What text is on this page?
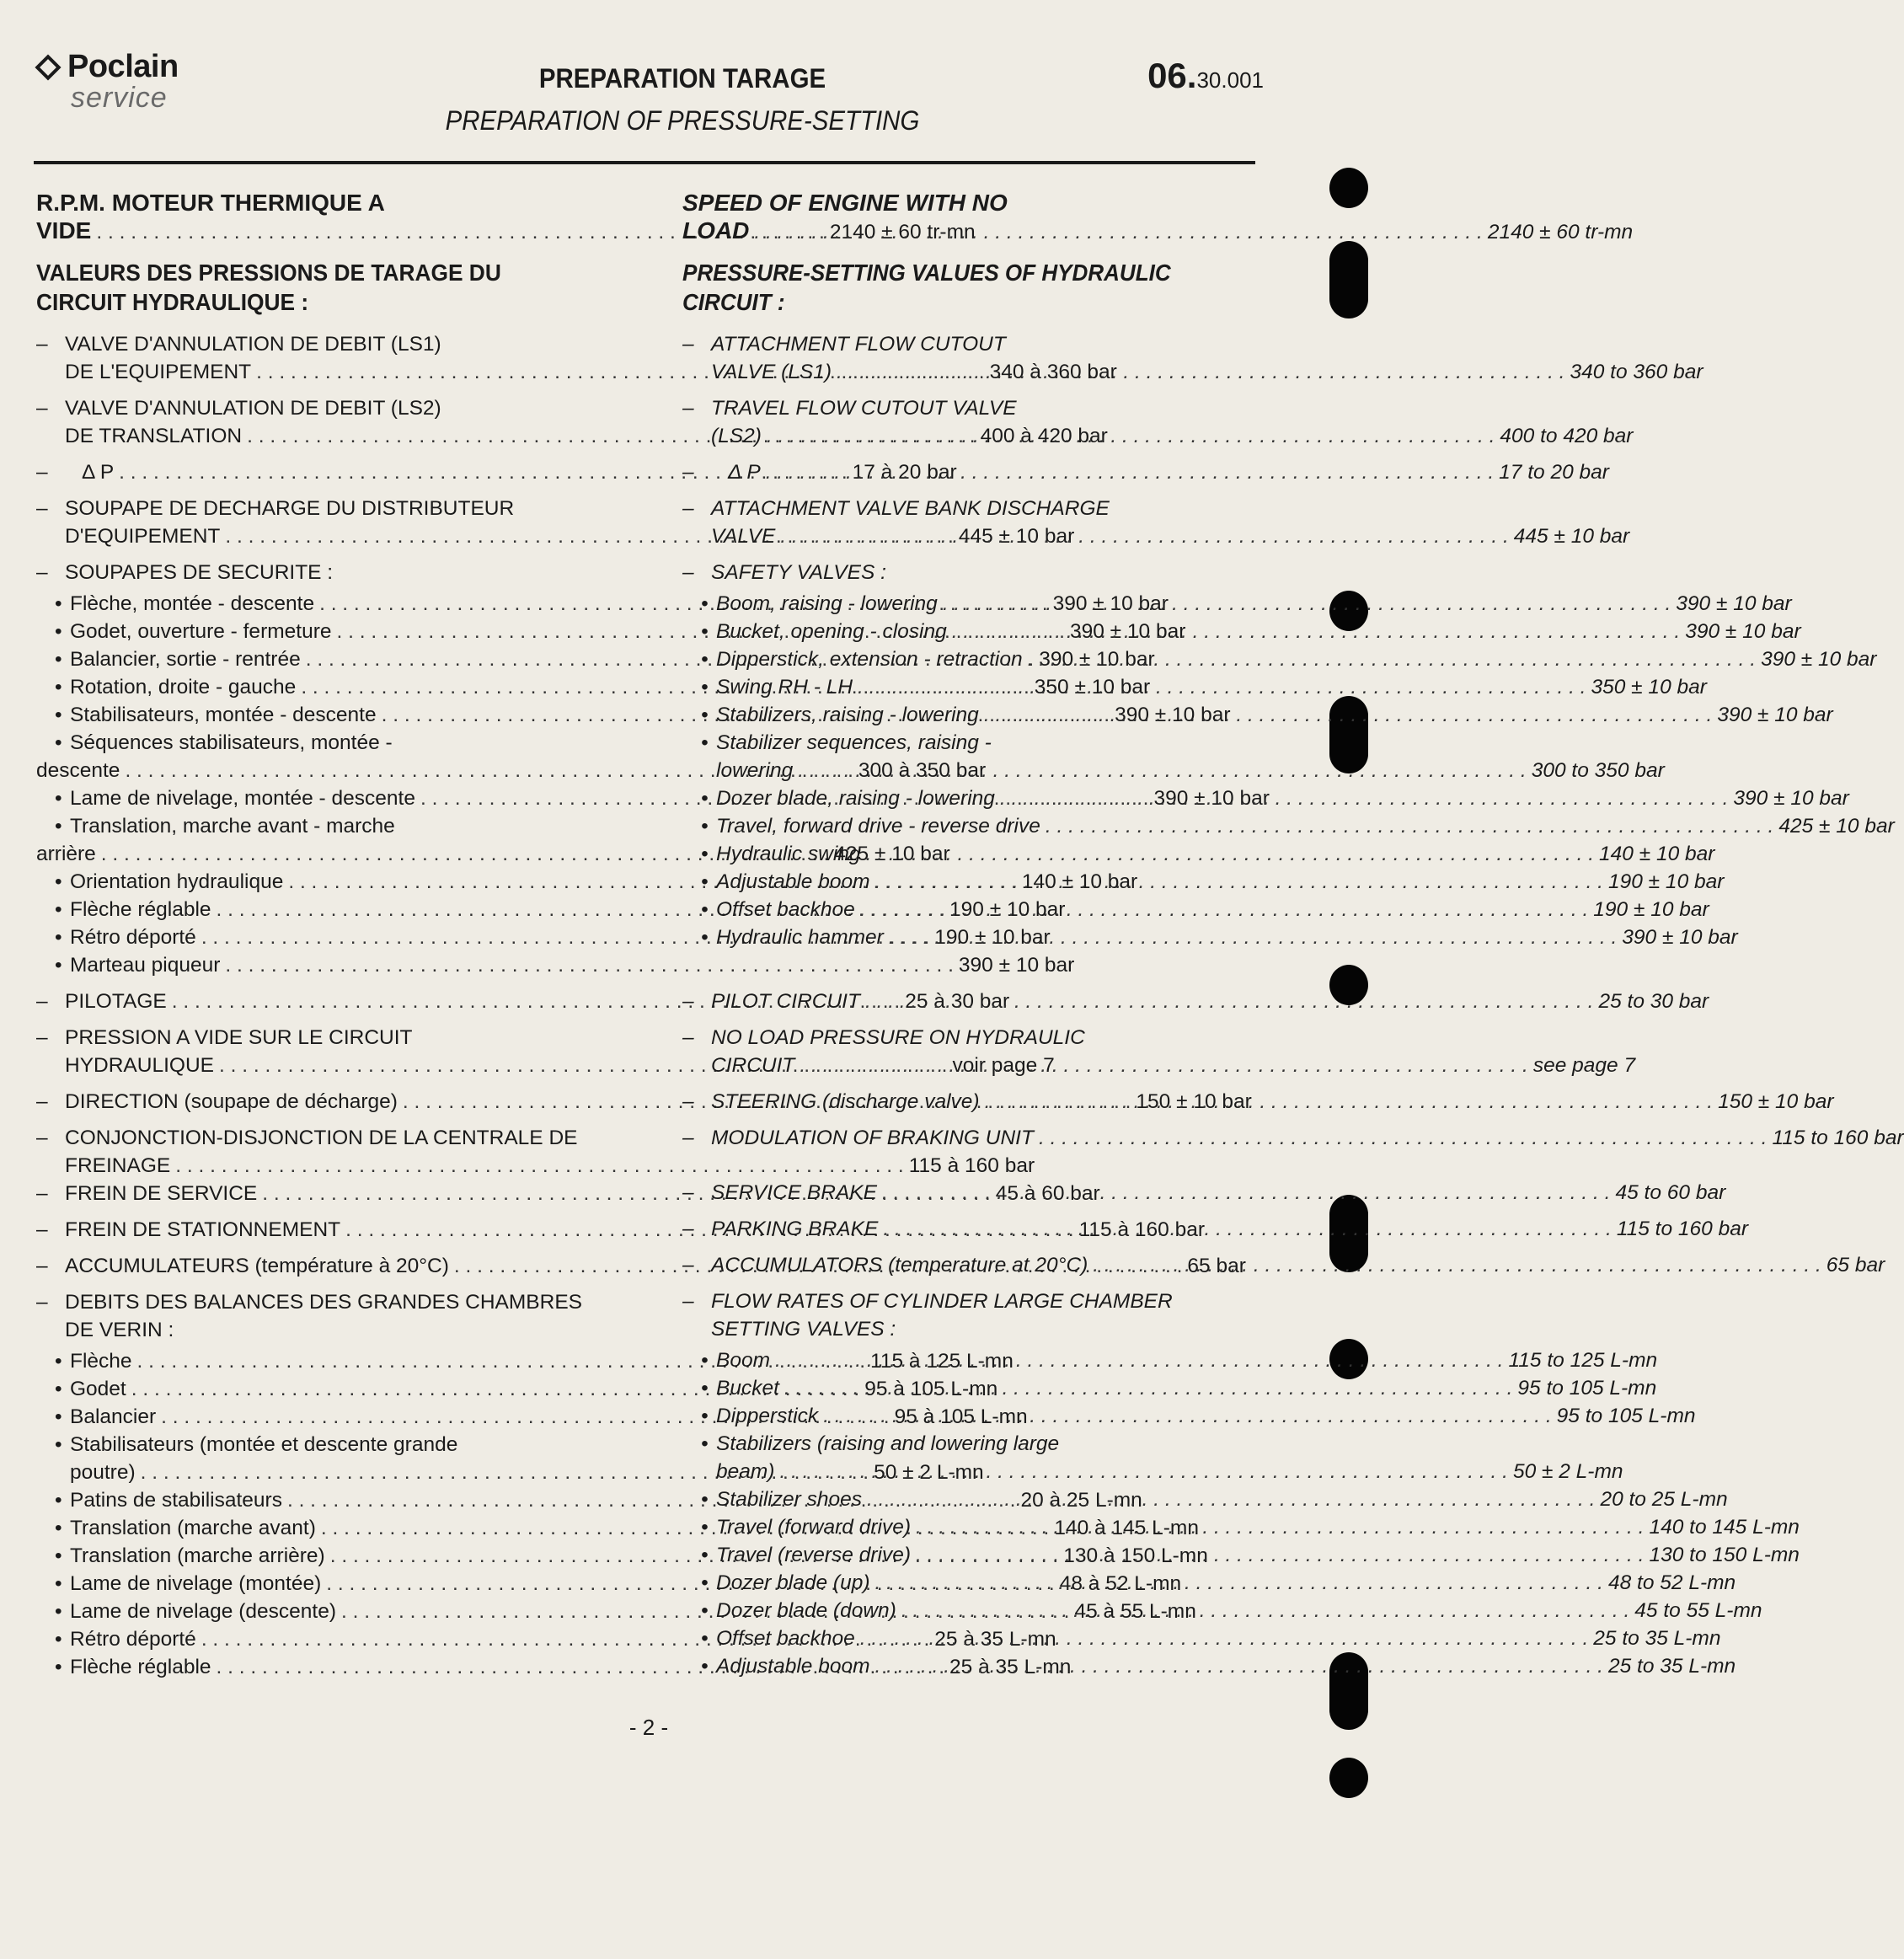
Poclain
service
PREPARATION TARAGE
PREPARATION OF PRESSURE-SETTING
06.30.001
R.P.M. MOTEUR THERMIQUE A
VIDE . . .	2140 ± 60 tr-mn
VALEURS DES PRESSIONS DE TARAGE DU
CIRCUIT HYDRAULIQUE :
– VALVE D'ANNULATION DE DEBIT (LS1)
DE L'EQUIPEMENT . . .	340 à 360 bar
– VALVE D'ANNULATION DE DEBIT (LS2)
DE TRANSLATION . . .	400 à 420 bar
–	Δ P . . .	17 à 20 bar
– SOUPAPE DE DECHARGE DU DISTRIBUTEUR
D'EQUIPEMENT . . .	445 ± 10 bar
– SOUPAPES DE SECURITE :
• Flèche, montée - descente . . .	390 ± 10 bar
• Godet, ouverture - fermeture . . .	390 ± 10 bar
• Balancier, sortie - rentrée . . .	390 ± 10 bar
• Rotation, droite - gauche . . .	350 ± 10 bar
• Stabilisateurs, montée - descente . . .	390 ± 10 bar
• Séquences stabilisateurs, montée -
descente . . .	300 à 350 bar
• Lame de nivelage, montée - descente . . .	390 ± 10 bar
• Translation, marche avant - marche
arrière . . .	425 ± 10 bar
• Orientation hydraulique . . .	140 ± 10 bar
• Flèche réglable . . .	190 ± 10 bar
• Rétro déporté . . .	190 ± 10 bar
• Marteau piqueur . . .	390 ± 10 bar
– PILOTAGE . . .	25 à 30 bar
– PRESSION A VIDE SUR LE CIRCUIT
HYDRAULIQUE . . .	voir page 7
– DIRECTION (soupape de décharge) . . .	150 ± 10 bar
– CONJONCTION-DISJONCTION DE LA CENTRALE DE
FREINAGE . . .	115 à 160 bar
– FREIN DE SERVICE . . .	45 à 60 bar
– FREIN DE STATIONNEMENT . . .	115 à 160 bar
– ACCUMULATEURS (température à 20°C) . . .	65 bar
– DEBITS DES BALANCES DES GRANDES CHAMBRES
DE VERIN :
• Flèche . . .	115 à 125 L-mn
• Godet . . .	95 à 105 L-mn
• Balancier . . .	95 à 105 L-mn
• Stabilisateurs (montée et descente grande
poutre) . . .	50 ± 2 L-mn
• Patins de stabilisateurs . . .	20 à 25 L-mn
• Translation (marche avant) . . .	140 à 145 L-mn
• Translation (marche arrière) . . .	130 à 150 L-mn
• Lame de nivelage (montée) . . .	48 à 52 L-mn
• Lame de nivelage (descente) . . .	45 à 55 L-mn
• Rétro déporté . . .	25 à 35 L-mn
• Flèche réglable . . .	25 à 35 L-mn
SPEED OF ENGINE WITH NO
LOAD . . .	2140 ± 60 tr-mn
PRESSURE-SETTING VALUES OF HYDRAULIC
CIRCUIT :
– ATTACHMENT FLOW CUTOUT
VALVE (LS1) . . .	340 to 360 bar
– TRAVEL FLOW CUTOUT VALVE
(LS2) . . .	400 to 420 bar
–	Δ P . . .	17 to 20 bar
– ATTACHMENT VALVE BANK DISCHARGE
VALVE . . .	445 ± 10 bar
– SAFETY VALVES :
• Boom, raising - lowering . . .	390 ± 10 bar
• Bucket, opening - closing . . .	390 ± 10 bar
• Dipperstick, extension - retraction . . .	390 ± 10 bar
• Swing RH - LH . . .	350 ± 10 bar
• Stabilizers, raising - lowering . . .	390 ± 10 bar
• Stabilizer sequences, raising -
lowering . . .	300 to 350 bar
• Dozer blade, raising - lowering . . .	390 ± 10 bar
• Travel, forward drive - reverse drive . . .	425 ± 10 bar
• Hydraulic swing . . .	140 ± 10 bar
• Adjustable boom . . .	190 ± 10 bar
• Offset backhoe . . .	190 ± 10 bar
• Hydraulic hammer . . .	390 ± 10 bar
– PILOT CIRCUIT . . .	25 to 30 bar
– NO LOAD PRESSURE ON HYDRAULIC
CIRCUIT . . .	see page 7
– STEERING (discharge valve) . . .	150 ± 10 bar
– MODULATION OF BRAKING UNIT . . .	115 to 160 bar
– SERVICE BRAKE . . .	45 to 60 bar
– PARKING BRAKE . . .	115 to 160 bar
– ACCUMULATORS (temperature at 20°C) . . .	65 bar
– FLOW RATES OF CYLINDER LARGE CHAMBER
SETTING VALVES :
• Boom . . .	115 to 125 L-mn
• Bucket . . .	95 to 105 L-mn
• Dipperstick . . .	95 to 105 L-mn
• Stabilizers (raising and lowering large
beam) . . .	50 ± 2 L-mn
• Stabilizer shoes . . .	20 to 25 L-mn
• Travel (forward drive) . . .	140 to 145 L-mn
• Travel (reverse drive) . . .	130 to 150 L-mn
• Dozer blade (up) . . .	48 to 52 L-mn
• Dozer blade (down) . . .	45 to 55 L-mn
• Offset backhoe . . .	25 to 35 L-mn
• Adjustable boom . . .	25 to 35 L-mn
- 2 -
